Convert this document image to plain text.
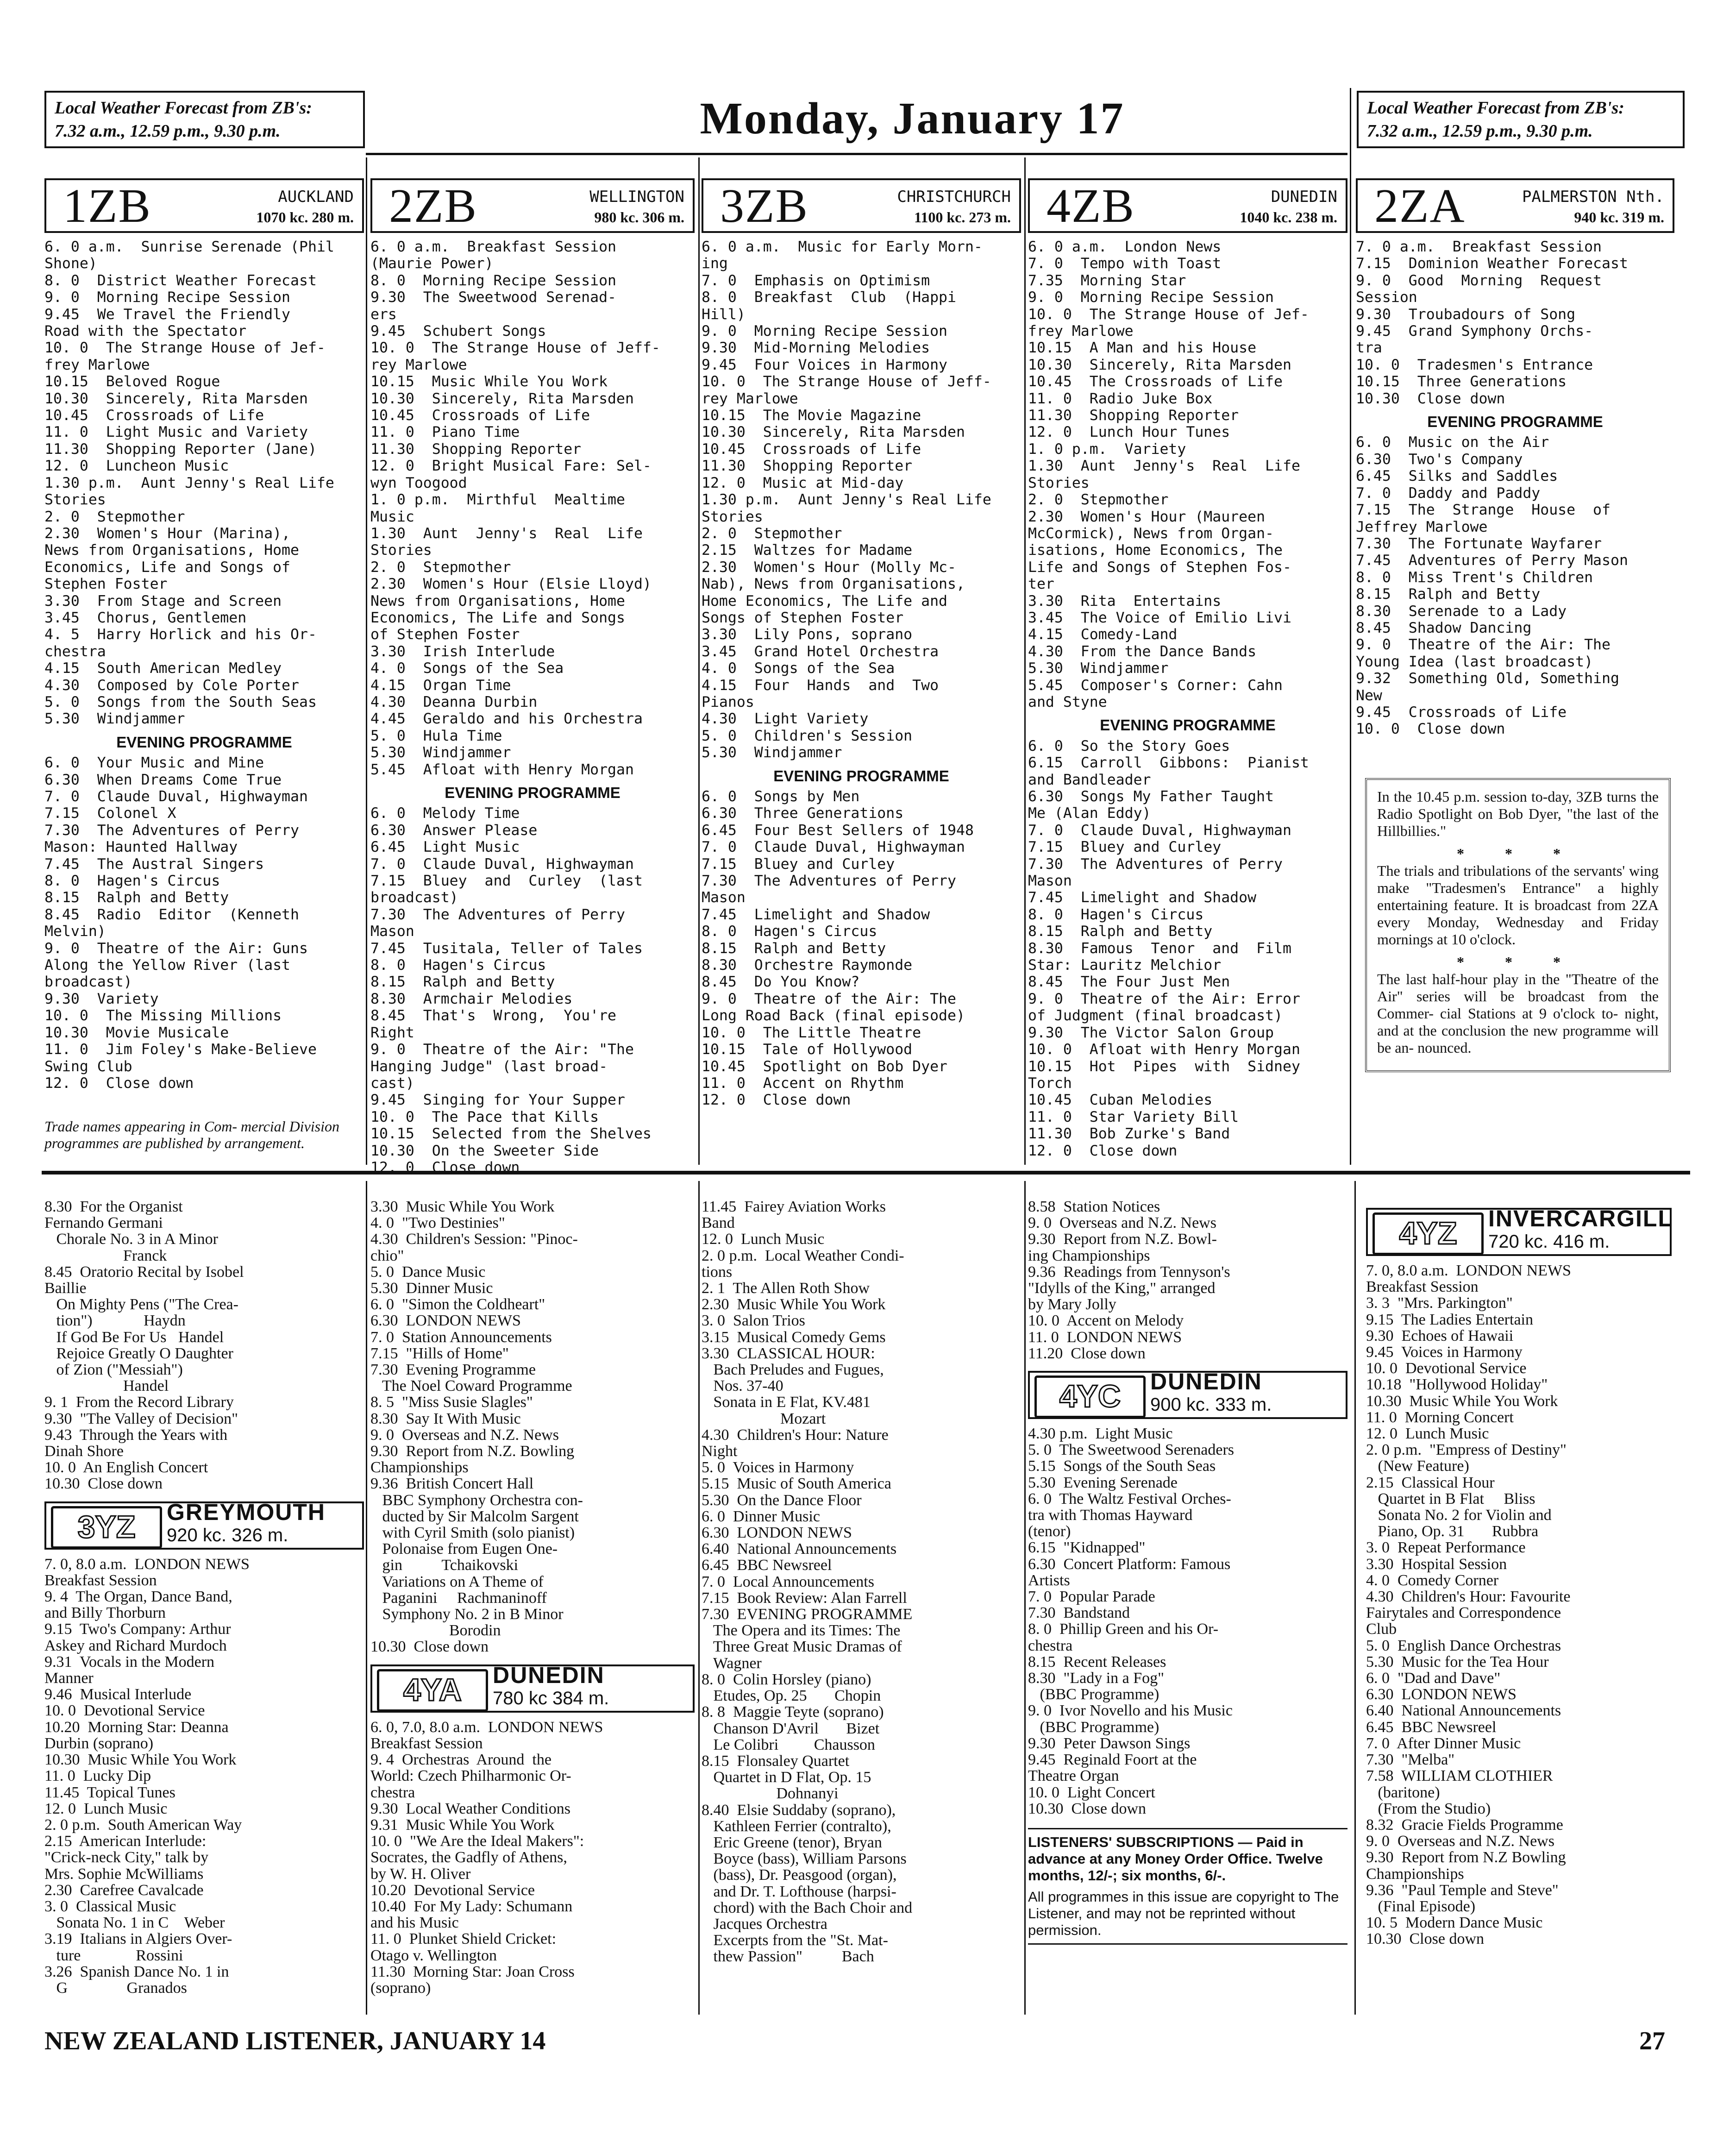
Local Weather Forecast from ZB's:
7.32 a.m., 12.59 p.m., 9.30 p.m.	Monday, January 17	Local Weather Forecast from ZB's:
7.32 a.m., 12.59 p.m., 9.30 p.m.
1ZB	AUCKLAND
1070 kc. 280 m.
6. 0 a.m.  Sunrise Serenade (Phil
Shone)
8. 0  District Weather Forecast
9. 0  Morning Recipe Session
9.45  We Travel the Friendly
Road with the Spectator
10. 0  The Strange House of Jef-
frey Marlowe
10.15  Beloved Rogue
10.30  Sincerely, Rita Marsden
10.45  Crossroads of Life
11. 0  Light Music and Variety
11.30  Shopping Reporter (Jane)
12. 0  Luncheon Music
1.30 p.m.  Aunt Jenny's Real Life
Stories
2. 0  Stepmother
2.30  Women's Hour (Marina),
News from Organisations, Home
Economics, Life and Songs of
Stephen Foster
3.30  From Stage and Screen
3.45  Chorus, Gentlemen
4. 5  Harry Horlick and his Or-
chestra
4.15  South American Medley
4.30  Composed by Cole Porter
5. 0  Songs from the South Seas
5.30  Windjammer
EVENING PROGRAMME
6. 0  Your Music and Mine
6.30  When Dreams Come True
7. 0  Claude Duval, Highwayman
7.15  Colonel X
7.30  The Adventures of Perry
Mason: Haunted Hallway
7.45  The Austral Singers
8. 0  Hagen's Circus
8.15  Ralph and Betty
8.45  Radio  Editor  (Kenneth
Melvin)
9. 0  Theatre of the Air: Guns
Along the Yellow River (last
broadcast)
9.30  Variety
10. 0  The Missing Millions
10.30  Movie Musicale
11. 0  Jim Foley's Make-Believe
Swing Club
12. 0  Close down
2ZB	WELLINGTON
980 kc. 306 m.
6. 0 a.m.  Breakfast Session
(Maurie Power)
8. 0  Morning Recipe Session
9.30  The Sweetwood Serenad-
ers
9.45  Schubert Songs
10. 0  The Strange House of Jeff-
rey Marlowe
10.15  Music While You Work
10.30  Sincerely, Rita Marsden
10.45  Crossroads of Life
11. 0  Piano Time
11.30  Shopping Reporter
12. 0  Bright Musical Fare: Sel-
wyn Toogood
1. 0 p.m.  Mirthful  Mealtime
Music
1.30  Aunt  Jenny's  Real  Life
Stories
2. 0  Stepmother
2.30  Women's Hour (Elsie Lloyd)
News from Organisations, Home
Economics, The Life and Songs
of Stephen Foster
3.30  Irish Interlude
4. 0  Songs of the Sea
4.15  Organ Time
4.30  Deanna Durbin
4.45  Geraldo and his Orchestra
5. 0  Hula Time
5.30  Windjammer
5.45  Afloat with Henry Morgan
EVENING PROGRAMME
6. 0  Melody Time
6.30  Answer Please
6.45  Light Music
7. 0  Claude Duval, Highwayman
7.15  Bluey  and  Curley  (last
broadcast)
7.30  The Adventures of Perry
Mason
7.45  Tusitala, Teller of Tales
8. 0  Hagen's Circus
8.15  Ralph and Betty
8.30  Armchair Melodies
8.45  That's  Wrong,  You're
Right
9. 0  Theatre of the Air: "The
Hanging Judge" (last broad-
cast)
9.45  Singing for Your Supper
10. 0  The Pace that Kills
10.15  Selected from the Shelves
10.30  On the Sweeter Side
12. 0  Close down
3ZB	CHRISTCHURCH
1100 kc. 273 m.
6. 0 a.m.  Music for Early Morn-
ing
7. 0  Emphasis on Optimism
8. 0  Breakfast  Club  (Happi
Hill)
9. 0  Morning Recipe Session
9.30  Mid-Morning Melodies
9.45  Four Voices in Harmony
10. 0  The Strange House of Jeff-
rey Marlowe
10.15  The Movie Magazine
10.30  Sincerely, Rita Marsden
10.45  Crossroads of Life
11.30  Shopping Reporter
12. 0  Music at Mid-day
1.30 p.m.  Aunt Jenny's Real Life
Stories
2. 0  Stepmother
2.15  Waltzes for Madame
2.30  Women's Hour (Molly Mc-
Nab), News from Organisations,
Home Economics, The Life and
Songs of Stephen Foster
3.30  Lily Pons, soprano
3.45  Grand Hotel Orchestra
4. 0  Songs of the Sea
4.15  Four  Hands  and  Two
Pianos
4.30  Light Variety
5. 0  Children's Session
5.30  Windjammer
EVENING PROGRAMME
6. 0  Songs by Men
6.30  Three Generations
6.45  Four Best Sellers of 1948
7. 0  Claude Duval, Highwayman
7.15  Bluey and Curley
7.30  The Adventures of Perry
Mason
7.45  Limelight and Shadow
8. 0  Hagen's Circus
8.15  Ralph and Betty
8.30  Orchestre Raymonde
8.45  Do You Know?
9. 0  Theatre of the Air: The
Long Road Back (final episode)
10. 0  The Little Theatre
10.15  Tale of Hollywood
10.45  Spotlight on Bob Dyer
11. 0  Accent on Rhythm
12. 0  Close down
4ZB	DUNEDIN
1040 kc. 238 m.
6. 0 a.m.  London News
7. 0  Tempo with Toast
7.35  Morning Star
9. 0  Morning Recipe Session
10. 0  The Strange House of Jef-
frey Marlowe
10.15  A Man and his House
10.30  Sincerely, Rita Marsden
10.45  The Crossroads of Life
11. 0  Radio Juke Box
11.30  Shopping Reporter
12. 0  Lunch Hour Tunes
1. 0 p.m.  Variety
1.30  Aunt  Jenny's  Real  Life
Stories
2. 0  Stepmother
2.30  Women's Hour (Maureen
McCormick), News from Organ-
isations, Home Economics, The
Life and Songs of Stephen Fos-
ter
3.30  Rita  Entertains
3.45  The Voice of Emilio Livi
4.15  Comedy-Land
4.30  From the Dance Bands
5.30  Windjammer
5.45  Composer's Corner: Cahn
and Styne
EVENING PROGRAMME
6. 0  So the Story Goes
6.15  Carroll  Gibbons:  Pianist
and Bandleader
6.30  Songs My Father Taught
Me (Alan Eddy)
7. 0  Claude Duval, Highwayman
7.15  Bluey and Curley
7.30  The Adventures of Perry
Mason
7.45  Limelight and Shadow
8. 0  Hagen's Circus
8.15  Ralph and Betty
8.30  Famous  Tenor  and  Film
Star: Lauritz Melchior
8.45  The Four Just Men
9. 0  Theatre of the Air: Error
of Judgment (final broadcast)
9.30  The Victor Salon Group
10. 0  Afloat with Henry Morgan
10.15  Hot  Pipes  with  Sidney
Torch
10.45  Cuban Melodies
11. 0  Star Variety Bill
11.30  Bob Zurke's Band
12. 0  Close down
2ZA	PALMERSTON Nth.
940 kc. 319 m.
7. 0 a.m.  Breakfast Session
7.15  Dominion Weather Forecast
9. 0  Good  Morning  Request
Session
9.30  Troubadours of Song
9.45  Grand Symphony Orchs-
tra
10. 0  Tradesmen's Entrance
10.15  Three Generations
10.30  Close down
EVENING PROGRAMME
6. 0  Music on the Air
6.30  Two's Company
6.45  Silks and Saddles
7. 0  Daddy and Paddy
7.15  The  Strange  House  of
Jeffrey Marlowe
7.30  The Fortunate Wayfarer
7.45  Adventures of Perry Mason
8. 0  Miss Trent's Children
8.15  Ralph and Betty
8.30  Serenade to a Lady
8.45  Shadow Dancing
9. 0  Theatre of the Air: The
Young Idea (last broadcast)
9.32  Something Old, Something
New
9.45  Crossroads of Life
10. 0  Close down
Trade names appearing in Com- mercial Division programmes are published by arrangement.

In the 10.45 p.m. session to-day, 3ZB turns the Radio Spotlight on Bob Dyer, "the last of the Hillbillies."

* * *

The trials and tribulations of the servants' wing make "Tradesmen's Entrance" a highly entertaining feature. It is broadcast from 2ZA every Monday, Wednesday and Friday mornings at 10 o'clock.

* * *

The last half-hour play in the "Theatre of the Air" series will be broadcast from the Commer- cial Stations at 9 o'clock to- night, and at the conclusion the new programme will be an- nounced.

8.30  For the Organist
Fernando Germani
Chorale No. 3 in A Minor
Franck
8.45  Oratorio Recital by Isobel
Baillie
On Mighty Pens ("The Crea-
tion")             Haydn
If God Be For Us   Handel
Rejoice Greatly O Daughter
of Zion ("Messiah")
Handel
9. 1  From the Record Library
9.30  "The Valley of Decision"
9.43  Through the Years with
Dinah Shore
10. 0  An English Concert
10.30  Close down
3YZ	GREYMOUTH
920 kc. 326 m.
7. 0, 8.0 a.m.  LONDON NEWS
Breakfast Session
9. 4  The Organ, Dance Band,
and Billy Thorburn
9.15  Two's Company: Arthur
Askey and Richard Murdoch
9.31  Vocals in the Modern
Manner
9.46  Musical Interlude
10. 0  Devotional Service
10.20  Morning Star: Deanna
Durbin (soprano)
10.30  Music While You Work
11. 0  Lucky Dip
11.45  Topical Tunes
12. 0  Lunch Music
2. 0 p.m.  South American Way
2.15  American Interlude:
"Crick-neck City," talk by
Mrs. Sophie McWilliams
2.30  Carefree Cavalcade
3. 0  Classical Music
Sonata No. 1 in C    Weber
3.19  Italians in Algiers Over-
ture              Rossini
3.26  Spanish Dance No. 1 in
G               Granados
3.30  Music While You Work
4. 0  "Two Destinies"
4.30  Children's Session: "Pinoc-
chio"
5. 0  Dance Music
5.30  Dinner Music
6. 0  "Simon the Coldheart"
6.30  LONDON NEWS
7. 0  Station Announcements
7.15  "Hills of Home"
7.30  Evening Programme
The Noel Coward Programme
8. 5  "Miss Susie Slagles"
8.30  Say It With Music
9. 0  Overseas and N.Z. News
9.30  Report from N.Z. Bowling
Championships
9.36  British Concert Hall
BBC Symphony Orchestra con-
ducted by Sir Malcolm Sargent
with Cyril Smith (solo pianist)
Polonaise from Eugen One-
gin          Tchaikovski
Variations on A Theme of
Paganini     Rachmaninoff
Symphony No. 2 in B Minor
Borodin
10.30  Close down
4YA	DUNEDIN
780 kc 384 m.
6. 0, 7.0, 8.0 a.m.  LONDON NEWS
Breakfast Session
9. 4  Orchestras  Around  the
World: Czech Philharmonic Or-
chestra
9.30  Local Weather Conditions
9.31  Music While You Work
10. 0  "We Are the Ideal Makers":
Socrates, the Gadfly of Athens,
by W. H. Oliver
10.20  Devotional Service
10.40  For My Lady: Schumann
and his Music
11. 0  Plunket Shield Cricket:
Otago v. Wellington
11.30  Morning Star: Joan Cross
(soprano)
11.45  Fairey Aviation Works
Band
12. 0  Lunch Music
2. 0 p.m.  Local Weather Condi-
tions
2. 1  The Allen Roth Show
2.30  Music While You Work
3. 0  Salon Trios
3.15  Musical Comedy Gems
3.30  CLASSICAL HOUR:
Bach Preludes and Fugues,
Nos. 37-40
Sonata in E Flat, KV.481
Mozart
4.30  Children's Hour: Nature
Night
5. 0  Voices in Harmony
5.15  Music of South America
5.30  On the Dance Floor
6. 0  Dinner Music
6.30  LONDON NEWS
6.40  National Announcements
6.45  BBC Newsreel
7. 0  Local Announcements
7.15  Book Review: Alan Farrell
7.30  EVENING PROGRAMME
The Opera and its Times: The
Three Great Music Dramas of
Wagner
8. 0  Colin Horsley (piano)
Etudes, Op. 25       Chopin
8. 8  Maggie Teyte (soprano)
Chanson D'Avril       Bizet
Le Colibri         Chausson
8.15  Flonsaley Quartet
Quartet in D Flat, Op. 15
Dohnanyi
8.40  Elsie Suddaby (soprano),
Kathleen Ferrier (contralto),
Eric Greene (tenor), Bryan
Boyce (bass), William Parsons
(bass), Dr. Peasgood (organ),
and Dr. T. Lofthouse (harpsi-
chord) with the Bach Choir and
Jacques Orchestra
Excerpts from the "St. Mat-
thew Passion"          Bach
8.58  Station Notices
9. 0  Overseas and N.Z. News
9.30  Report from N.Z. Bowl-
ing Championships
9.36  Readings from Tennyson's
"Idylls of the King," arranged
by Mary Jolly
10. 0  Accent on Melody
11. 0  LONDON NEWS
11.20  Close down
4YC	DUNEDIN
900 kc. 333 m.
4.30 p.m.  Light Music
5. 0  The Sweetwood Serenaders
5.15  Songs of the South Seas
5.30  Evening Serenade
6. 0  The Waltz Festival Orches-
tra with Thomas Hayward
(tenor)
6.15  "Kidnapped"
6.30  Concert Platform: Famous
Artists
7. 0  Popular Parade
7.30  Bandstand
8. 0  Phillip Green and his Or-
chestra
8.15  Recent Releases
8.30  "Lady in a Fog"
(BBC Programme)
9. 0  Ivor Novello and his Music
(BBC Programme)
9.30  Peter Dawson Sings
9.45  Reginald Foort at the
Theatre Organ
10. 0  Light Concert
10.30  Close down
LISTENERS' SUBSCRIPTIONS — Paid in advance at any Money Order Office. Twelve months, 12/-; six months, 6/-.
All programmes in this issue are copyright to The Listener, and may not be reprinted without permission.
4YZ	INVERCARGILL
720 kc. 416 m.
7. 0, 8.0 a.m.  LONDON NEWS
Breakfast Session
3. 3  "Mrs. Parkington"
9.15  The Ladies Entertain
9.30  Echoes of Hawaii
9.45  Voices in Harmony
10. 0  Devotional Service
10.18  "Hollywood Holiday"
10.30  Music While You Work
11. 0  Morning Concert
12. 0  Lunch Music
2. 0 p.m.  "Empress of Destiny"
(New Feature)
2.15  Classical Hour
Quartet in B Flat     Bliss
Sonata No. 2 for Violin and
Piano, Op. 31       Rubbra
3. 0  Repeat Performance
3.30  Hospital Session
4. 0  Comedy Corner
4.30  Children's Hour: Favourite
Fairytales and Correspondence
Club
5. 0  English Dance Orchestras
5.30  Music for the Tea Hour
6. 0  "Dad and Dave"
6.30  LONDON NEWS
6.40  National Announcements
6.45  BBC Newsreel
7. 0  After Dinner Music
7.30  "Melba"
7.58  WILLIAM CLOTHIER
(baritone)
(From the Studio)
8.32  Gracie Fields Programme
9. 0  Overseas and N.Z. News
9.30  Report from N.Z Bowling
Championships
9.36  "Paul Temple and Steve"
(Final Episode)
10. 5  Modern Dance Music
10.30  Close down
NEW ZEALAND LISTENER, JANUARY 14	27
